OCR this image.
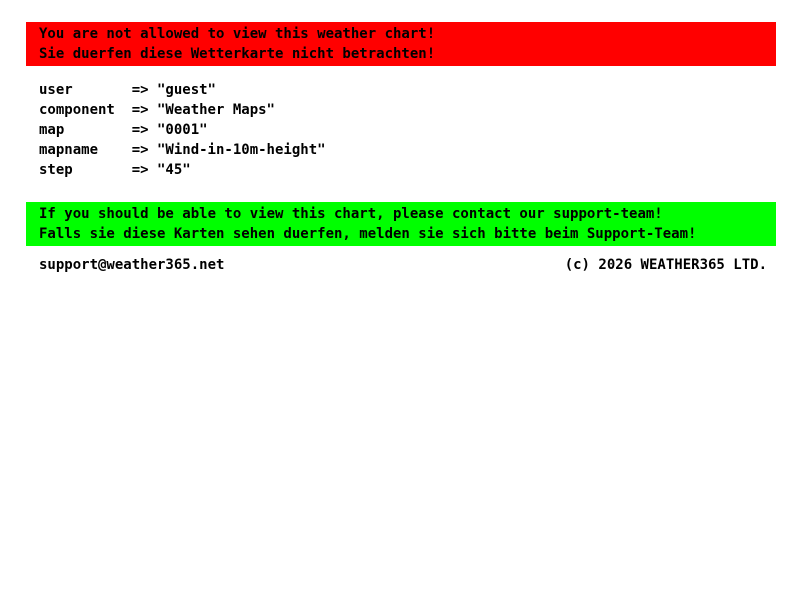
You are not allowed to view this weather chart!
Sie duerfen diese Wetterkarte nicht betrachten!
user	=> "guest"
component => "Weather Maps"
map	=> "0001"
mapname => "Wind-in-10m-height"
step	=> "45"
If you should be able to view this chart, please contact our support-team!
Falls sie diese Karten sehen duerfen, melden sie sich bitte beim Support-Team!
support@weather365.net	(c) 2026 WEATHER365 LTD.
